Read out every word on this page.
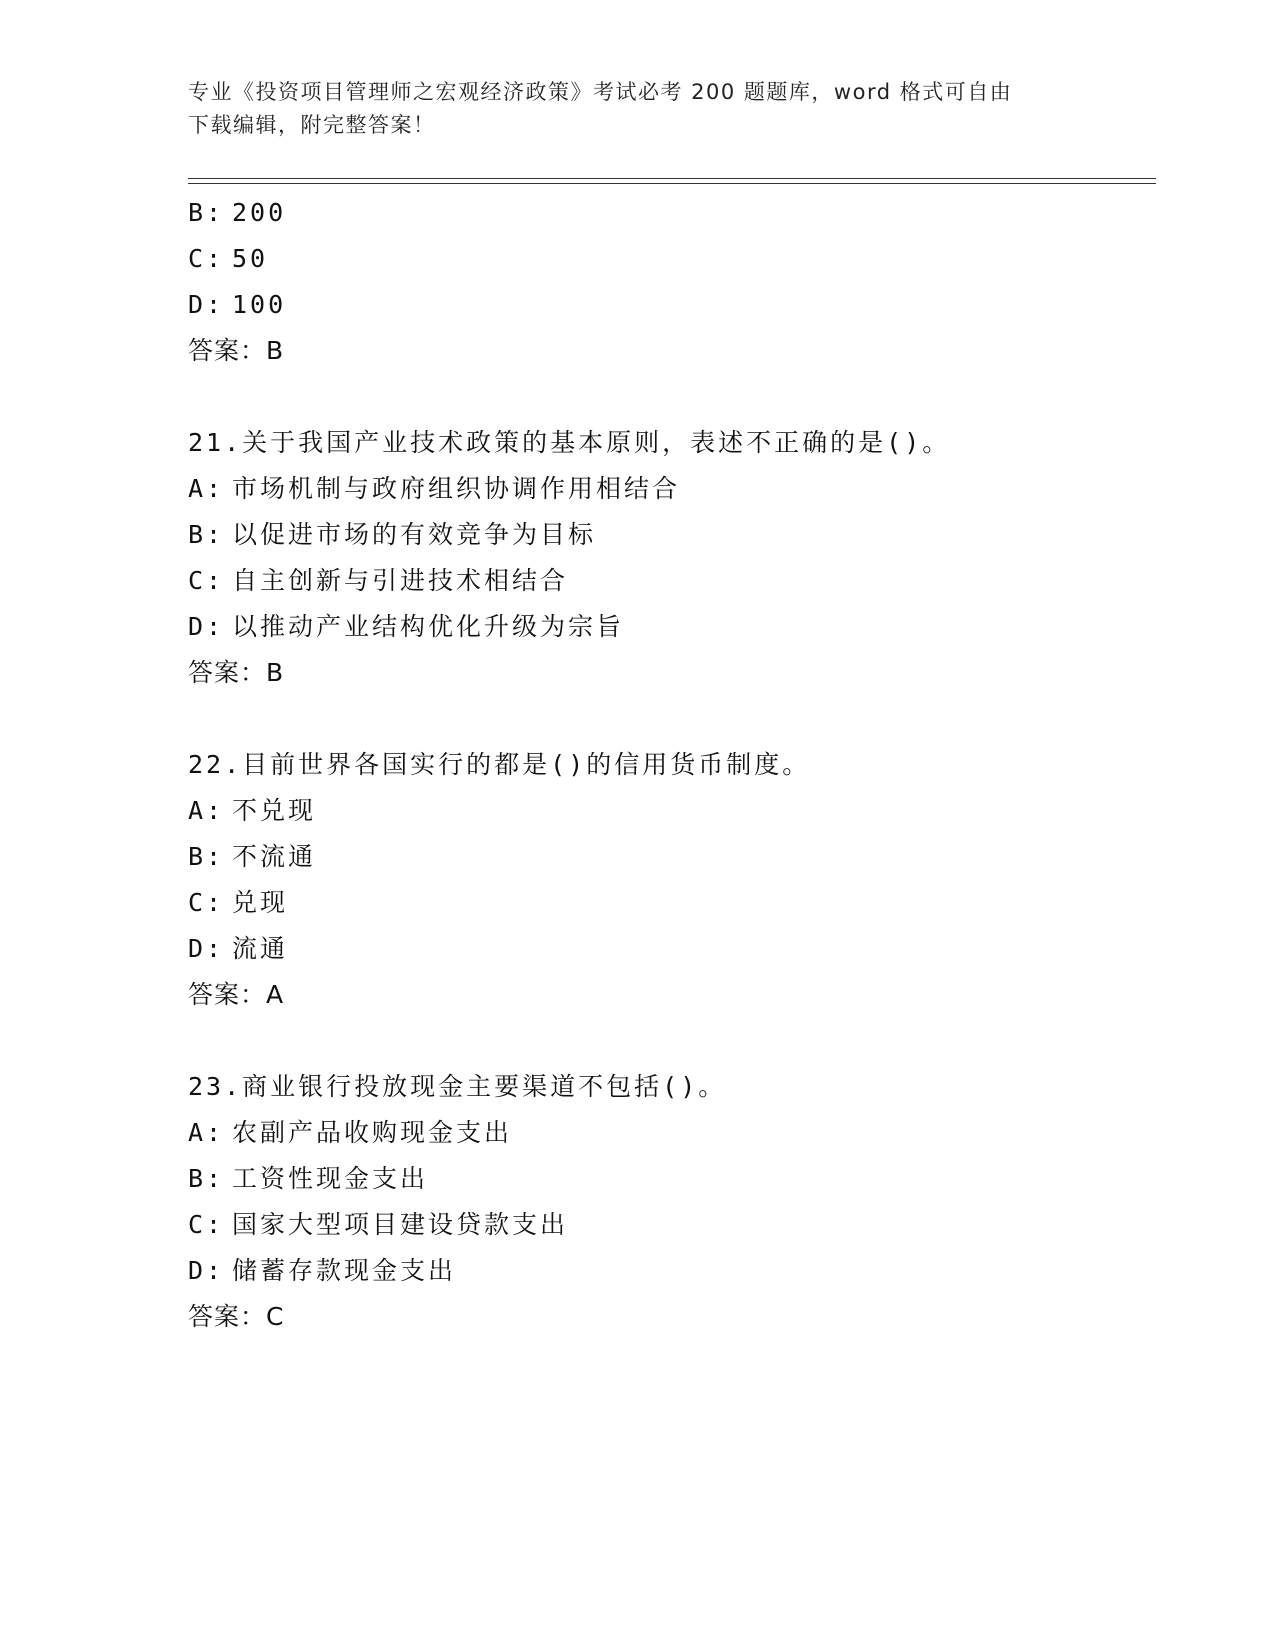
专业《投资项目管理师之宏观经济政策》考试必考 200 题题库，word 格式可自由
下载编辑，附完整答案！
B: 200
C: 50
D: 100
答案：B
21.关于我国产业技术政策的基本原则，表述不正确的是()。
A: 市场机制与政府组织协调作用相结合
B: 以促进市场的有效竞争为目标
C: 自主创新与引进技术相结合
D: 以推动产业结构优化升级为宗旨
答案：B
22.目前世界各国实行的都是()的信用货币制度。
A: 不兑现
B: 不流通
C: 兑现
D: 流通
答案：A
23.商业银行投放现金主要渠道不包括()。
A: 农副产品收购现金支出
B: 工资性现金支出
C: 国家大型项目建设贷款支出
D: 储蓄存款现金支出
答案：C
